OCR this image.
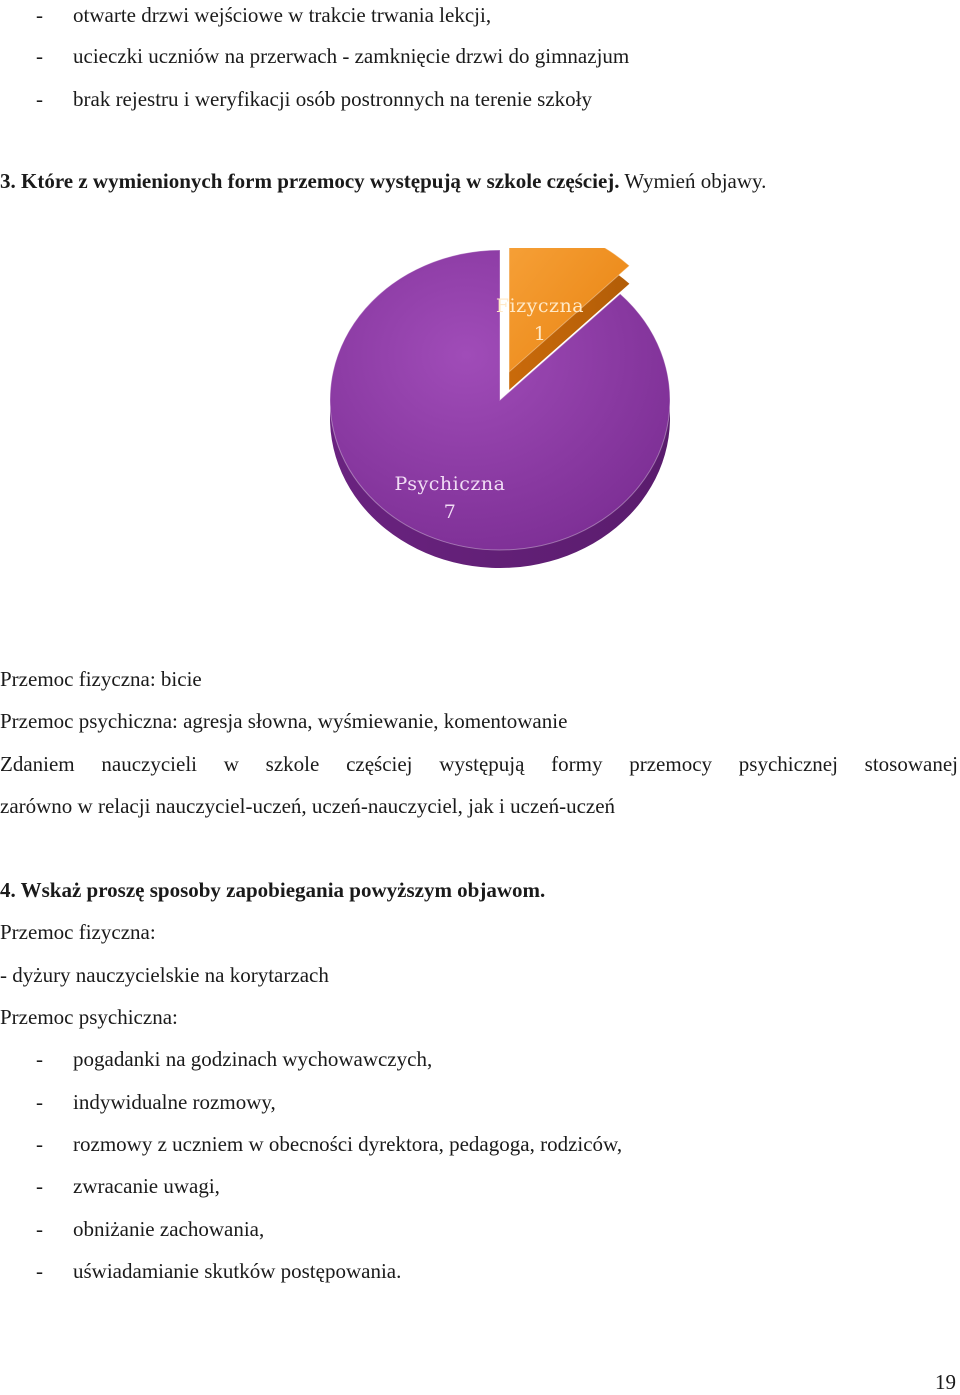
- otwarte drzwi wejściowe w trakcie trwania lekcji,
- ucieczki uczniów na przerwach - zamknięcie drzwi do gimnazjum
- brak rejestru i weryfikacji osób postronnych na terenie szkoły
3. Które z wymienionych form przemocy występują w szkole częściej. Wymień objawy.
Fizyczna
1
Psychiczna
7
Przemoc fizyczna: bicie
Przemoc psychiczna: agresja słowna, wyśmiewanie, komentowanie
Zdaniem nauczycieli w szkole częściej występują formy przemocy psychicznej stosowanej
zarówno w relacji nauczyciel-uczeń, uczeń-nauczyciel, jak i uczeń-uczeń
4. Wskaż proszę sposoby zapobiegania powyższym objawom.
Przemoc fizyczna:
- dyżury nauczycielskie na korytarzach
Przemoc psychiczna:
- pogadanki na godzinach wychowawczych,
- indywidualne rozmowy,
- rozmowy z uczniem w obecności dyrektora, pedagoga, rodziców,
- zwracanie uwagi,
- obniżanie zachowania,
- uświadamianie skutków postępowania.
19
